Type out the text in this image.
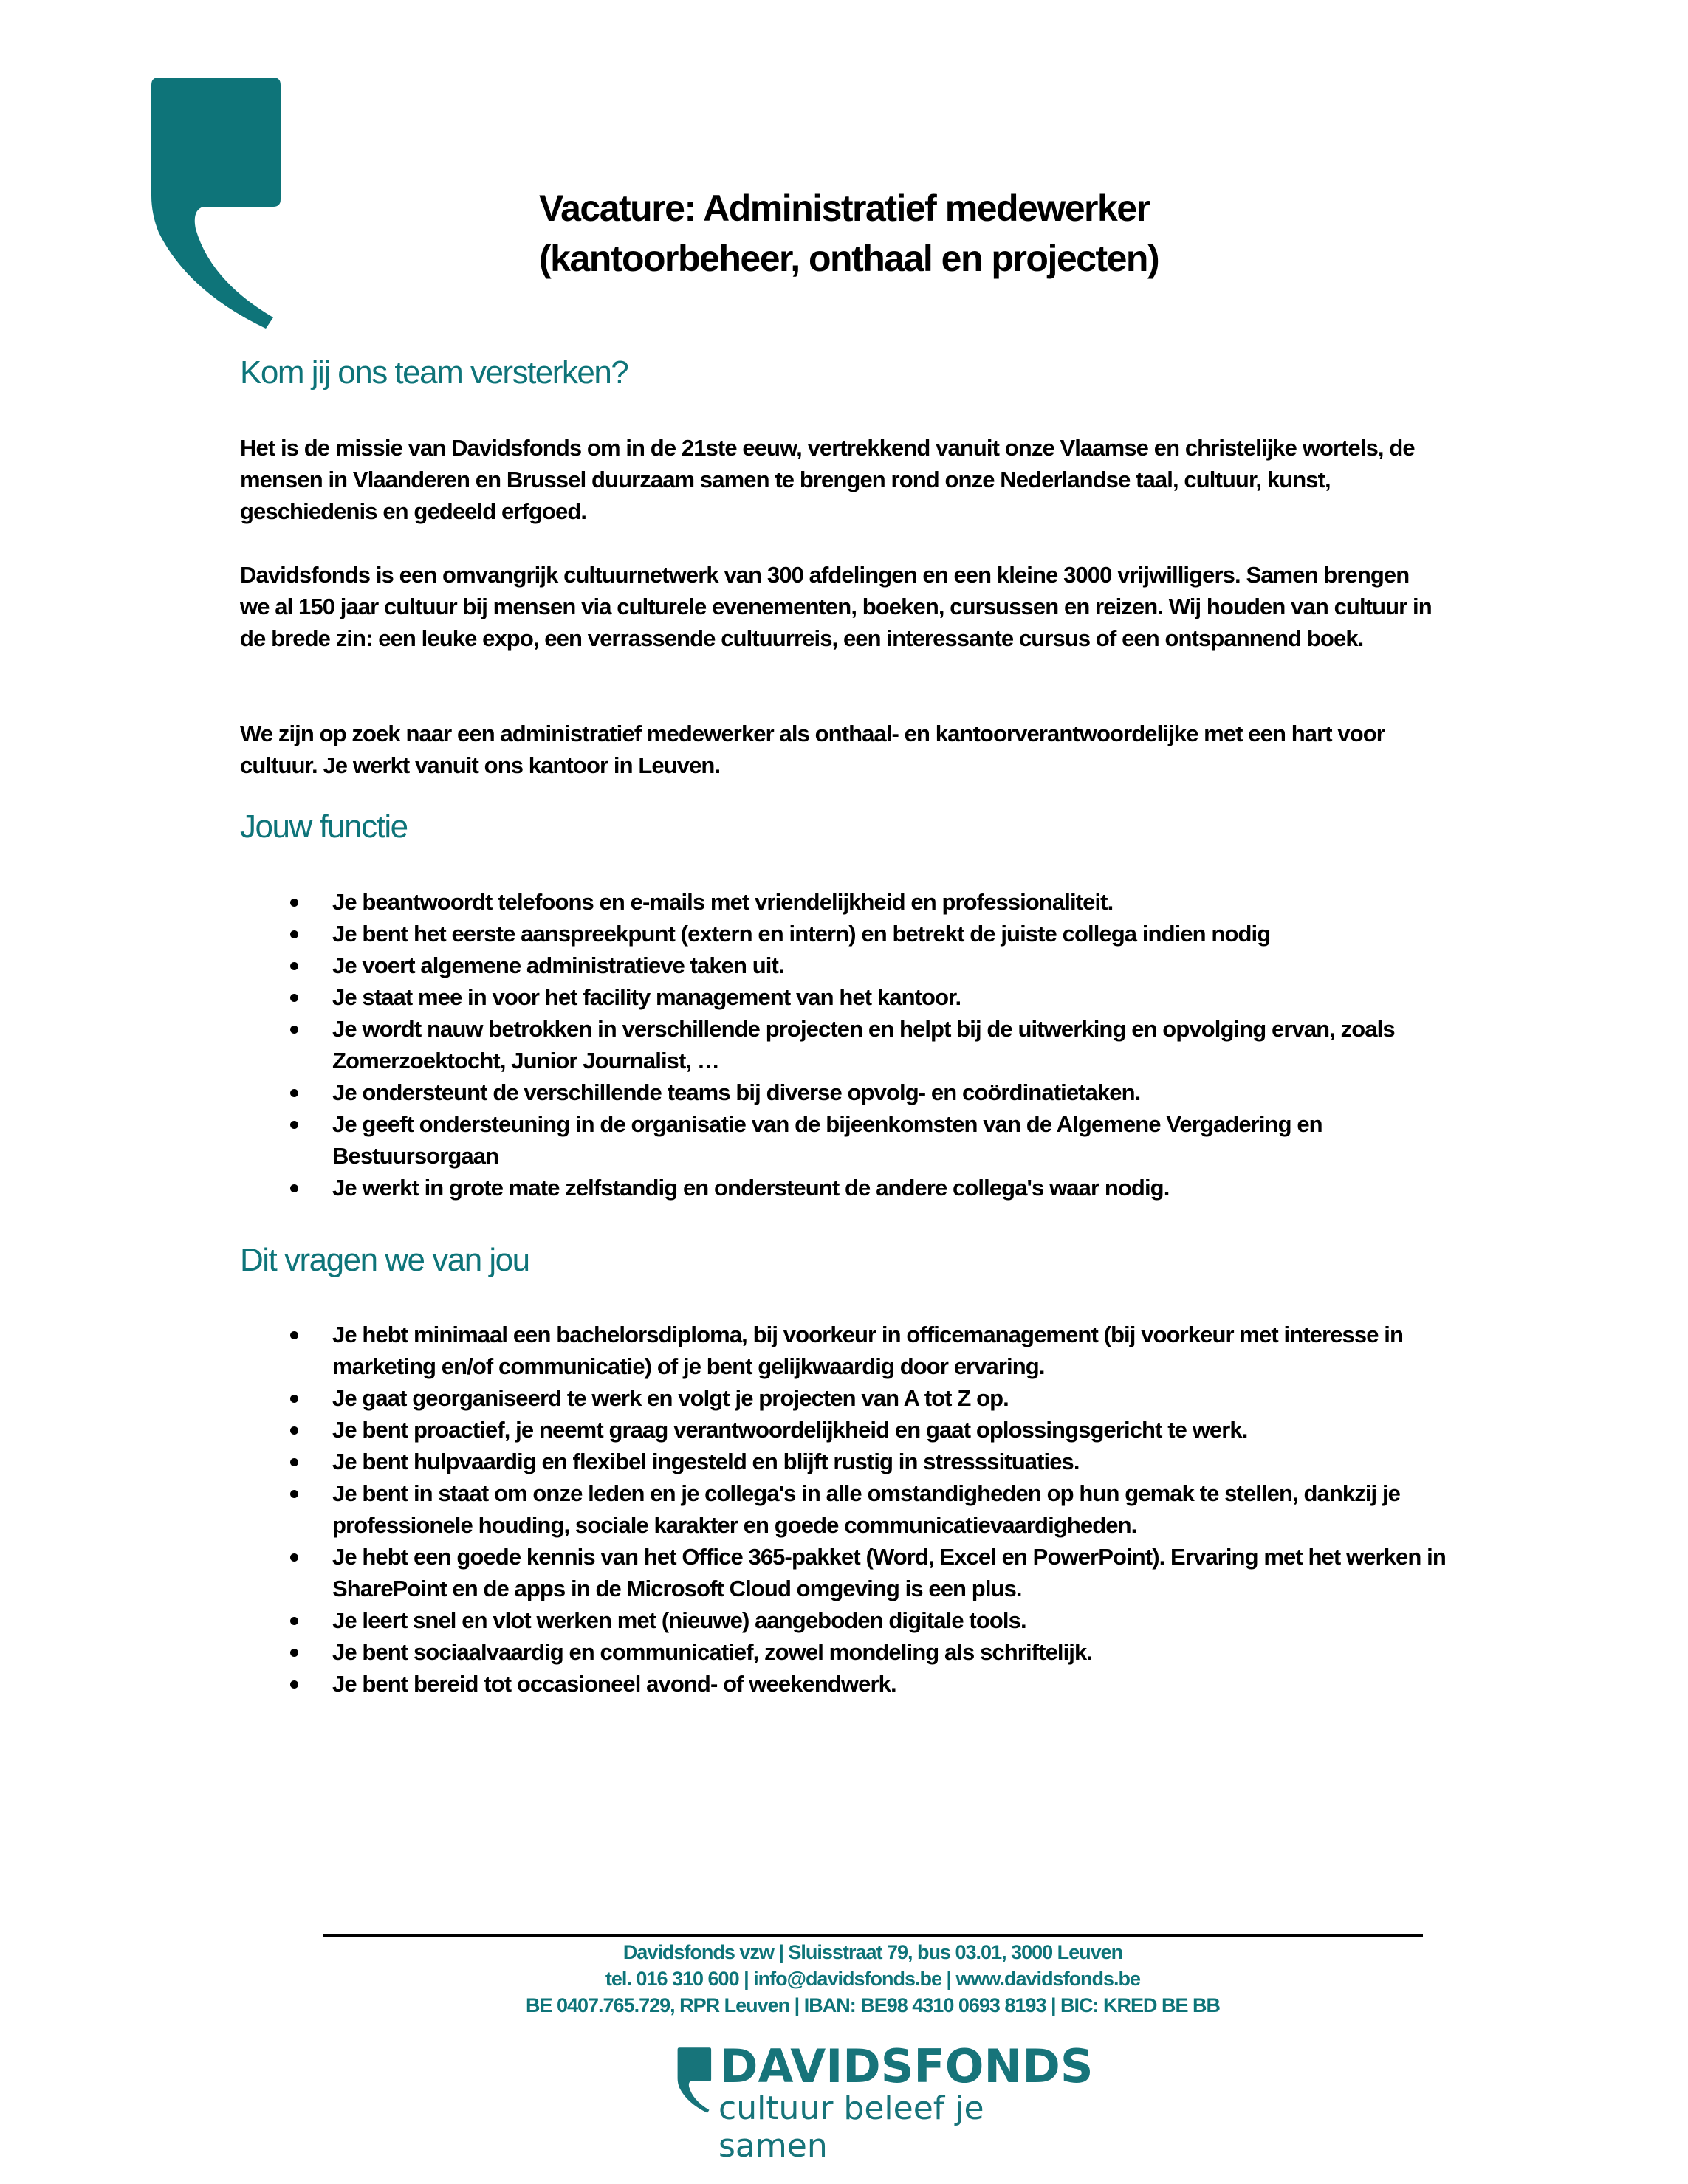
Vacature: Administratief medewerker
(kantoorbeheer, onthaal en projecten)
Kom jij ons team versterken?

Het is de missie van Davidsfonds om in de 21ste eeuw, vertrekkend vanuit onze Vlaamse en christelijke wortels, de mensen in Vlaanderen en Brussel duurzaam samen te brengen rond onze Nederlandse taal, cultuur, kunst, geschiedenis en gedeeld erfgoed.

Davidsfonds is een omvangrijk cultuurnetwerk van 300 afdelingen en een kleine 3000 vrijwilligers. Samen brengen we al 150 jaar cultuur bij mensen via culturele evenementen, boeken, cursussen en reizen. Wij houden van cultuur in de brede zin: een leuke expo, een verrassende cultuurreis, een interessante cursus of een ontspannend boek.

We zijn op zoek naar een administratief medewerker als onthaal- en kantoorverantwoordelijke met een hart voor cultuur. Je werkt vanuit ons kantoor in Leuven.

Jouw functie
Je beantwoordt telefoons en e-mails met vriendelijkheid en professionaliteit.
Je bent het eerste aanspreekpunt (extern en intern) en betrekt de juiste collega indien nodig
Je voert algemene administratieve taken uit.
Je staat mee in voor het facility management van het kantoor.
Je wordt nauw betrokken in verschillende projecten en helpt bij de uitwerking en opvolging ervan, zoals Zomerzoektocht, Junior Journalist, …
Je ondersteunt de verschillende teams bij diverse opvolg- en coördinatietaken.
Je geeft ondersteuning in de organisatie van de bijeenkomsten van de Algemene Vergadering en Bestuursorgaan
Je werkt in grote mate zelfstandig en ondersteunt de andere collega's waar nodig.
Dit vragen we van jou
Je hebt minimaal een bachelorsdiploma, bij voorkeur in officemanagement (bij voorkeur met interesse in marketing en/of communicatie) of je bent gelijkwaardig door ervaring.
Je gaat georganiseerd te werk en volgt je projecten van A tot Z op.
Je bent proactief, je neemt graag verantwoordelijkheid en gaat oplossingsgericht te werk.
Je bent hulpvaardig en flexibel ingesteld en blijft rustig in stresssituaties.
Je bent in staat om onze leden en je collega's in alle omstandigheden op hun gemak te stellen, dankzij je professionele houding, sociale karakter en goede communicatievaardigheden.
Je hebt een goede kennis van het Office 365-pakket (Word, Excel en PowerPoint). Ervaring met het werken in SharePoint en de apps in de Microsoft Cloud omgeving is een plus.
Je leert snel en vlot werken met (nieuwe) aangeboden digitale tools.
Je bent sociaalvaardig en communicatief, zowel mondeling als schriftelijk.
Je bent bereid tot occasioneel avond- of weekendwerk.
Davidsfonds vzw | Sluisstraat 79, bus 03.01, 3000 Leuven
tel. 016 310 600 | info@davidsfonds.be | www.davidsfonds.be
BE 0407.765.729, RPR Leuven | IBAN: BE98 4310 0693 8193 | BIC: KRED BE BB
DAVIDSFONDS
cultuur beleef je samen
